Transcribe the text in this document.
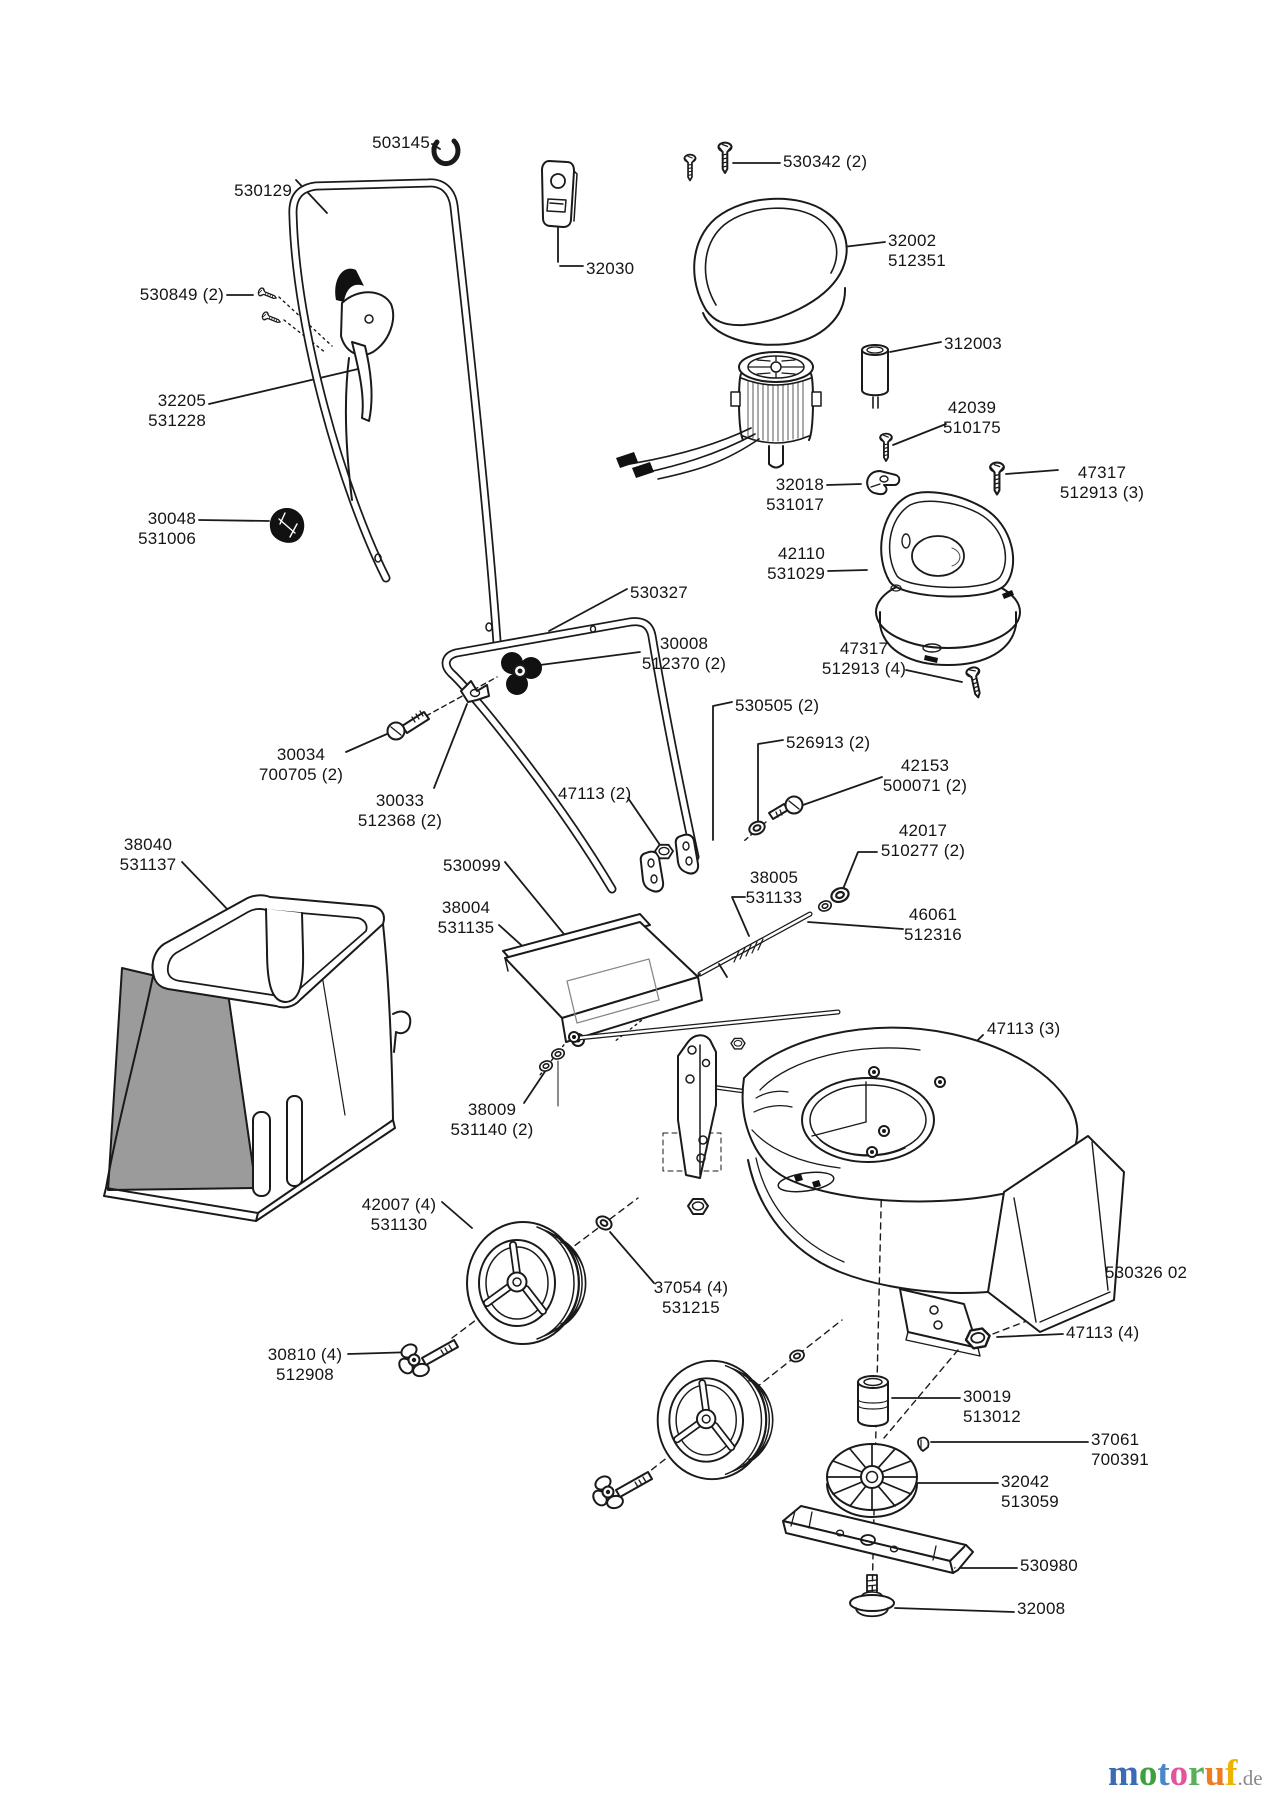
503145

530129

32030

530849 (2)

32205
531228
30048
531006
530342 (2)

32002
512351
312003

42039
510175
47317
512913 (3)
32018
531017
42110
531029
530327

30008
512370 (2)
47317
512913 (4)
530505 (2)

526913 (2)

42153
500071 (2)
30034
700705 (2)
30033
512368 (2)
47113 (2)

42017
510277 (2)
38005
531133
46061
512316
38040
531137	530099

38004
531135
38009
531140 (2)
47113 (3)

42007 (4)
531130
37054 (4)
531215
530326 02

30810 (4)
512908
47113 (4)

30019
513012
37061
700391
32042
513059
530980

32008

motoruf.de
